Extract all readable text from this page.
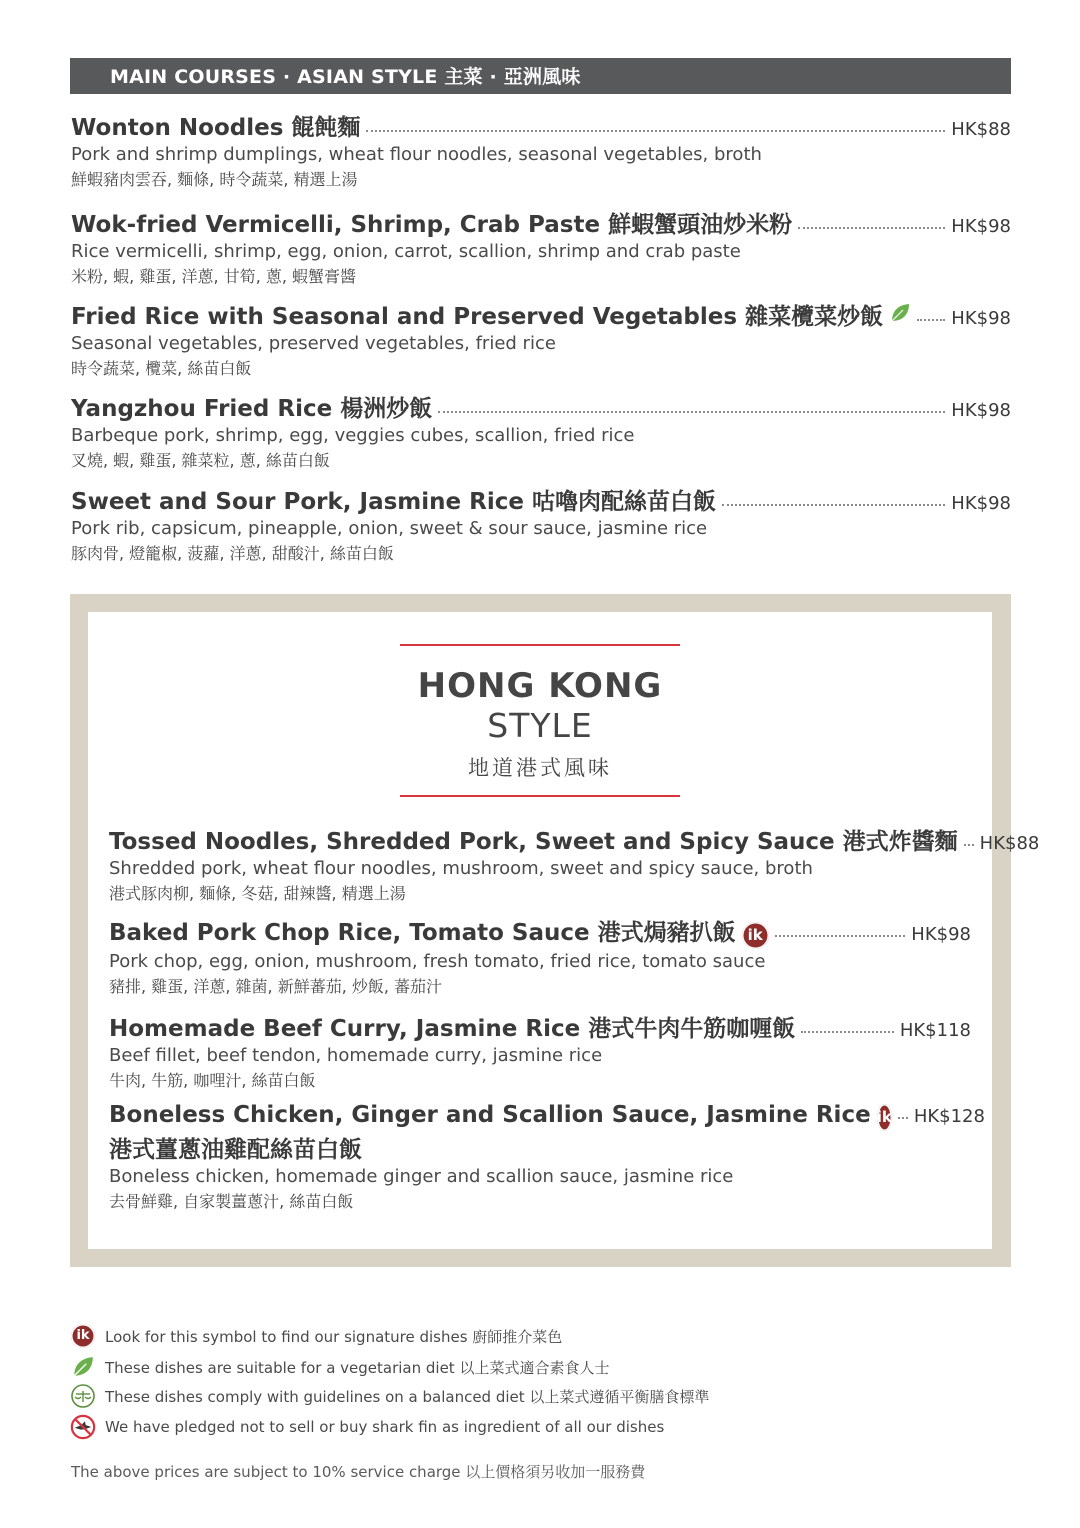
MAIN COURSES · ASIAN STYLE 主菜 · 亞洲風味
Wonton Noodles 餛飩麵	HK$88
Pork and shrimp dumplings, wheat flour noodles, seasonal vegetables, broth
鮮蝦豬肉雲吞, 麵條, 時令蔬菜, 精選上湯
Wok-fried Vermicelli, Shrimp, Crab Paste 鮮蝦蟹頭油炒米粉	HK$98
Rice vermicelli, shrimp, egg, onion, carrot, scallion, shrimp and crab paste
米粉, 蝦, 雞蛋, 洋蔥, 甘筍, 蔥, 蝦蟹膏醬
Fried Rice with Seasonal and Preserved Vegetables 雜菜欖菜炒飯	HK$98
Seasonal vegetables, preserved vegetables, fried rice
時令蔬菜, 欖菜, 絲苗白飯
Yangzhou Fried Rice 楊洲炒飯	HK$98
Barbeque pork, shrimp, egg, veggies cubes, scallion, fried rice
叉燒, 蝦, 雞蛋, 雜菜粒, 蔥, 絲苗白飯
Sweet and Sour Pork, Jasmine Rice 咕嚕肉配絲苗白飯	HK$98
Pork rib, capsicum, pineapple, onion, sweet & sour sauce, jasmine rice
豚肉骨, 燈籠椒, 菠蘿, 洋蔥, 甜酸汁, 絲苗白飯
HONG KONG
STYLE
地道港式風味
Tossed Noodles, Shredded Pork, Sweet and Spicy Sauce 港式炸醬麵 HK$88
Shredded pork, wheat flour noodles, mushroom, sweet and spicy sauce, broth
港式豚肉柳, 麵條, 冬菇, 甜辣醬, 精選上湯
Baked Pork Chop Rice, Tomato Sauce 港式焗豬扒飯 ik	HK$98
Pork chop, egg, onion, mushroom, fresh tomato, fried rice, tomato sauce
豬排, 雞蛋, 洋蔥, 雜菌, 新鮮蕃茄, 炒飯, 蕃茄汁
Homemade Beef Curry, Jasmine Rice 港式牛肉牛筋咖喱飯	HK$118
Beef fillet, beef tendon, homemade curry, jasmine rice
牛肉, 牛筋, 咖哩汁, 絲苗白飯
Boneless Chicken, Ginger and Scallion Sauce, Jasmine Rice ik HK$128
港式薑蔥油雞配絲苗白飯
Boneless chicken, homemade ginger and scallion sauce, jasmine rice
去骨鮮雞, 自家製薑蔥汁, 絲苗白飯
ik	Look for this symbol to find our signature dishes 廚師推介菜色
These dishes are suitable for a vegetarian diet 以上菜式適合素食人士
These dishes comply with guidelines on a balanced diet 以上菜式遵循平衡膳食標準
We have pledged not to sell or buy shark fin as ingredient of all our dishes
The above prices are subject to 10% service charge 以上價格須另收加一服務費
